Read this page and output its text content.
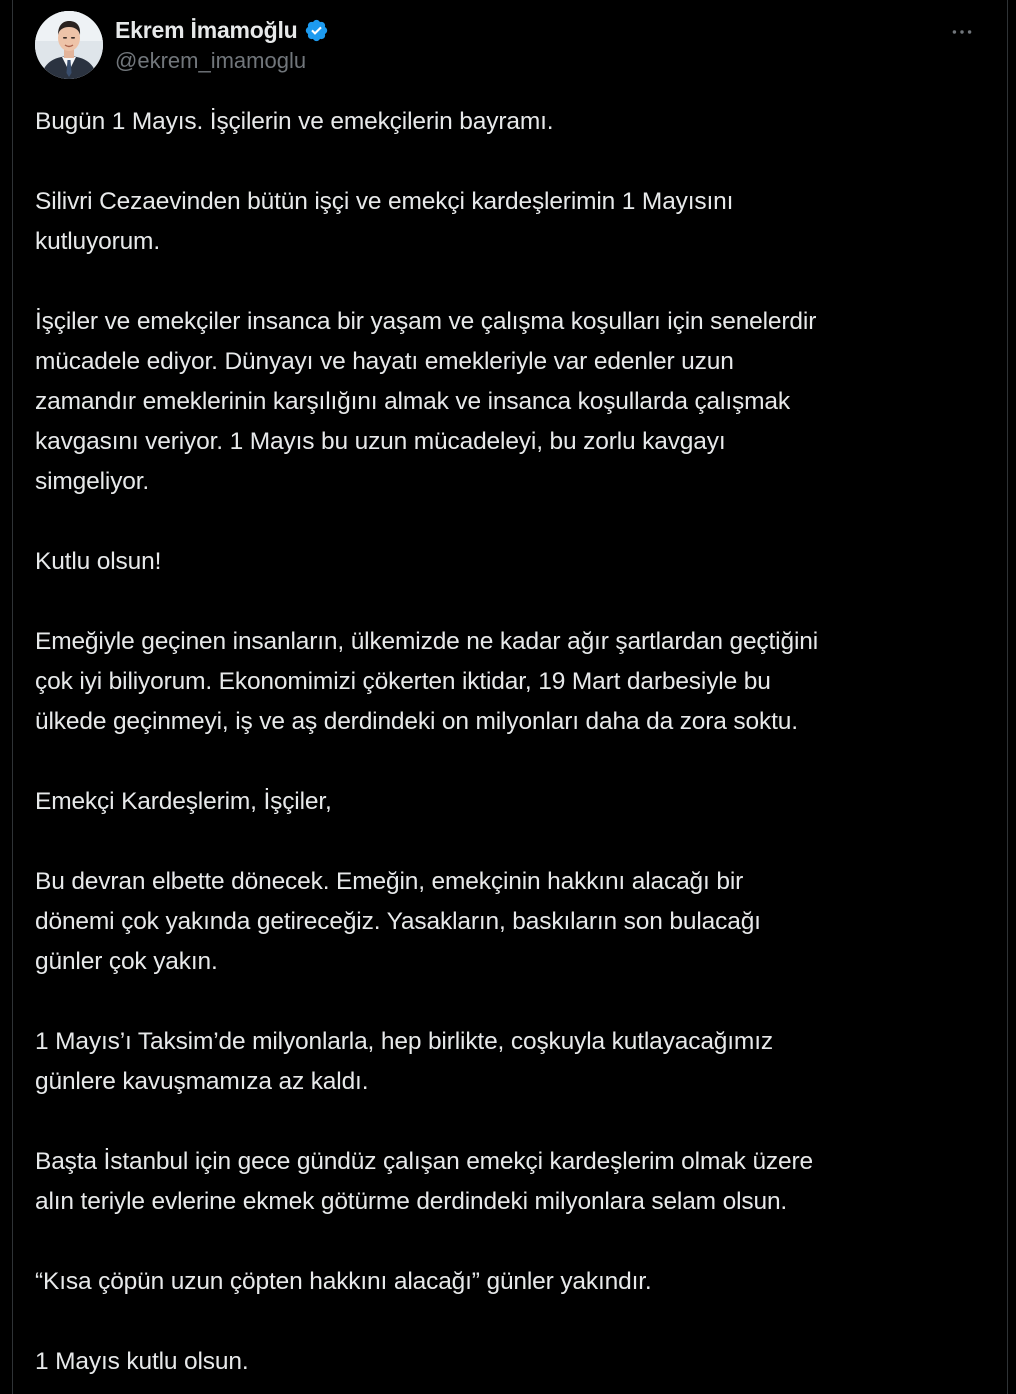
Ekrem İmamoğlu
@ekrem_imamoglu

Bugün 1 Mayıs. İşçilerin ve emekçilerin bayramı.

Silivri Cezaevinden bütün işçi ve emekçi kardeşlerimin 1 Mayısını
kutluyorum.

İşçiler ve emekçiler insanca bir yaşam ve çalışma koşulları için senelerdir
mücadele ediyor. Dünyayı ve hayatı emekleriyle var edenler uzun
zamandır emeklerinin karşılığını almak ve insanca koşullarda çalışmak
kavgasını veriyor. 1 Mayıs bu uzun mücadeleyi, bu zorlu kavgayı
simgeliyor.

Kutlu olsun!

Emeğiyle geçinen insanların, ülkemizde ne kadar ağır şartlardan geçtiğini
çok iyi biliyorum. Ekonomimizi çökerten iktidar, 19 Mart darbesiyle bu
ülkede geçinmeyi, iş ve aş derdindeki on milyonları daha da zora soktu.

Emekçi Kardeşlerim, İşçiler,

Bu devran elbette dönecek. Emeğin, emekçinin hakkını alacağı bir
dönemi çok yakında getireceğiz. Yasakların, baskıların son bulacağı
günler çok yakın.

1 Mayıs’ı Taksim’de milyonlarla, hep birlikte, coşkuyla kutlayacağımız
günlere kavuşmamıza az kaldı.

Başta İstanbul için gece gündüz çalışan emekçi kardeşlerim olmak üzere
alın teriyle evlerine ekmek götürme derdindeki milyonlara selam olsun.

“Kısa çöpün uzun çöpten hakkını alacağı” günler yakındır.

1 Mayıs kutlu olsun.
